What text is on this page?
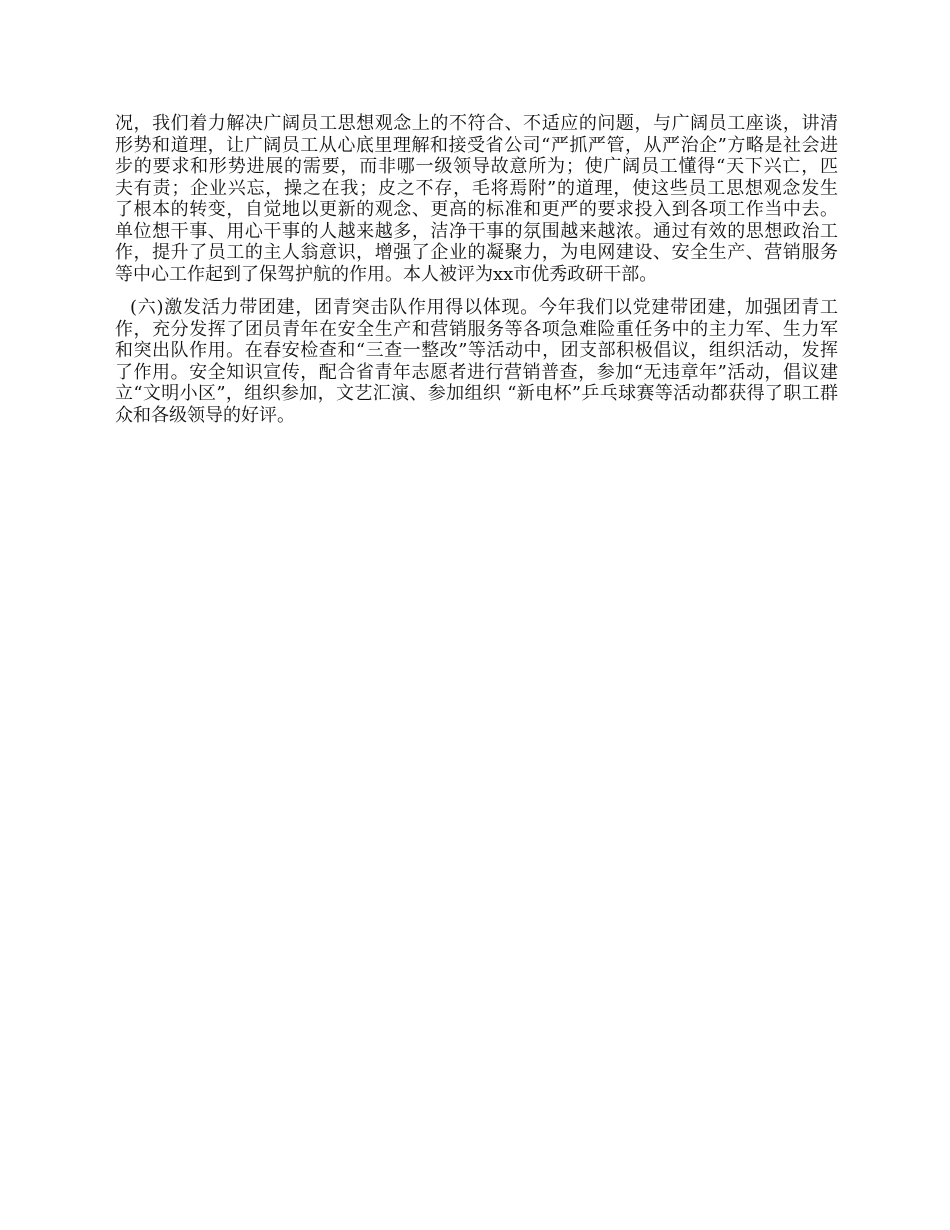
况，我们着力解决广阔员工思想观念上的不符合、不适应的问题，与广阔员工座谈，讲清
形势和道理，让广阔员工从心底里理解和接受省公司“严抓严管，从严治企”方略是社会进
步的要求和形势进展的需要，而非哪一级领导故意所为；使广阔员工懂得“天下兴亡，匹
夫有责；企业兴忘，操之在我；皮之不存，毛将焉附”的道理，使这些员工思想观念发生
了根本的转变，自觉地以更新的观念、更高的标准和更严的要求投入到各项工作当中去。
单位想干事、用心干事的人越来越多，洁净干事的氛围越来越浓。通过有效的思想政治工
作，提升了员工的主人翁意识，增强了企业的凝聚力，为电网建设、安全生产、营销服务
等中心工作起到了保驾护航的作用。本人被评为xx市优秀政研干部。
(六)激发活力带团建，团青突击队作用得以体现。今年我们以党建带团建，加强团青工
作，充分发挥了团员青年在安全生产和营销服务等各项急难险重任务中的主力军、生力军
和突出队作用。在春安检查和“三查一整改”等活动中，团支部积极倡议，组织活动，发挥
了作用。安全知识宣传，配合省青年志愿者进行营销普查，参加“无违章年”活动，倡议建
立“文明小区”，组织参加，文艺汇演、参加组织 “新电杯”乒乓球赛等活动都获得了职工群
众和各级领导的好评。
